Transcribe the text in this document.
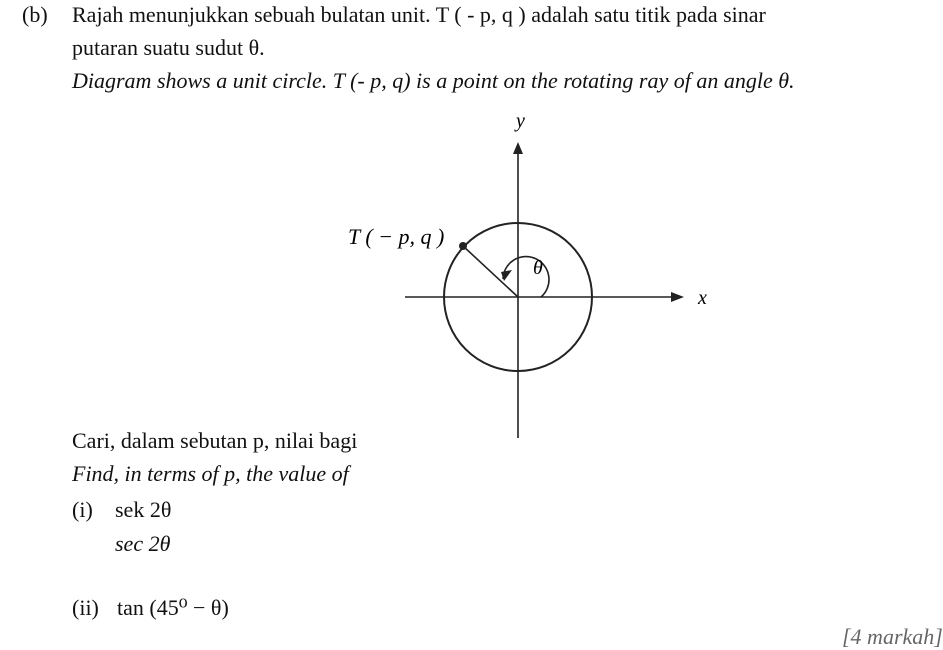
(b) Rajah menunjukkan sebuah bulatan unit. T ( - p, q ) adalah satu titik pada sinar
putaran suatu sudut θ.
Diagram shows a unit circle. T (- p, q) is a point on the rotating ray of an angle θ.
y
x
T ( − p, q )
θ
Cari, dalam sebutan p, nilai bagi
Find, in terms of p, the value of
(i) sek 2θ
sec 2θ
(ii) tan (45⁰ − θ)
[4 markah]
